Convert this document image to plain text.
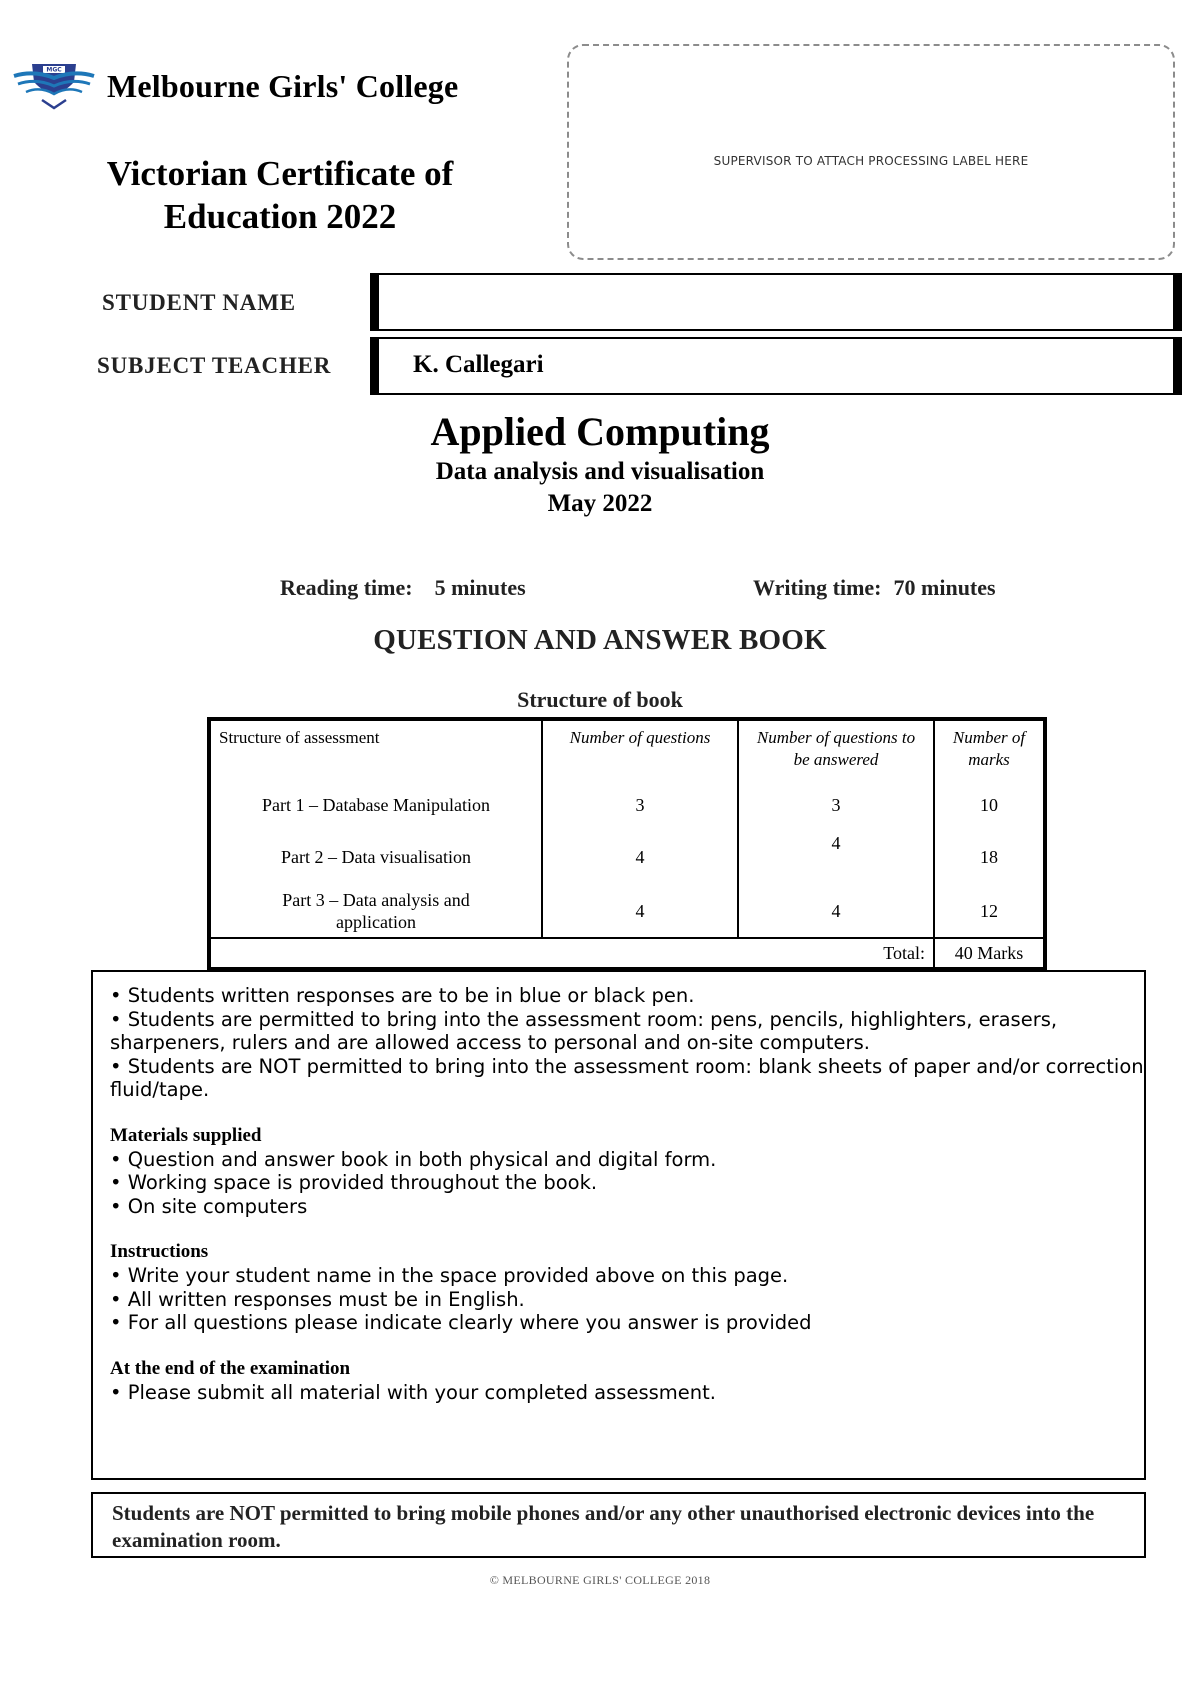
MGC Melbourne Girls' College
Victorian Certificate of
Education 2022
SUPERVISOR TO ATTACH PROCESSING LABEL HERE
STUDENT NAME
SUBJECT TEACHER	K. Callegari
Applied Computing
Data analysis and visualisation
May 2022
Reading time: 5 minutes	Writing time: 70 minutes
QUESTION AND ANSWER BOOK
Structure of book
Structure of assessment	Number of questions	Number of questions to be answered	Number of marks
Part 1 – Database Manipulation	3	3	10
Part 2 – Data visualisation	4	4	18
Part 3 – Data analysis and application	4	4	12
Total:			40 Marks
• Students written responses are to be in blue or black pen.
• Students are permitted to bring into the assessment room: pens, pencils, highlighters, erasers, sharpeners, rulers and are allowed access to personal and on-site computers.
• Students are NOT permitted to bring into the assessment room: blank sheets of paper and/or correction fluid/tape.
Materials supplied
• Question and answer book in both physical and digital form.
• Working space is provided throughout the book.
• On site computers
Instructions
• Write your student name in the space provided above on this page.
• All written responses must be in English.
• For all questions please indicate clearly where you answer is provided
At the end of the examination
• Please submit all material with your completed assessment.
Students are NOT permitted to bring mobile phones and/or any other unauthorised electronic devices into the examination room.
© MELBOURNE GIRLS' COLLEGE 2018
